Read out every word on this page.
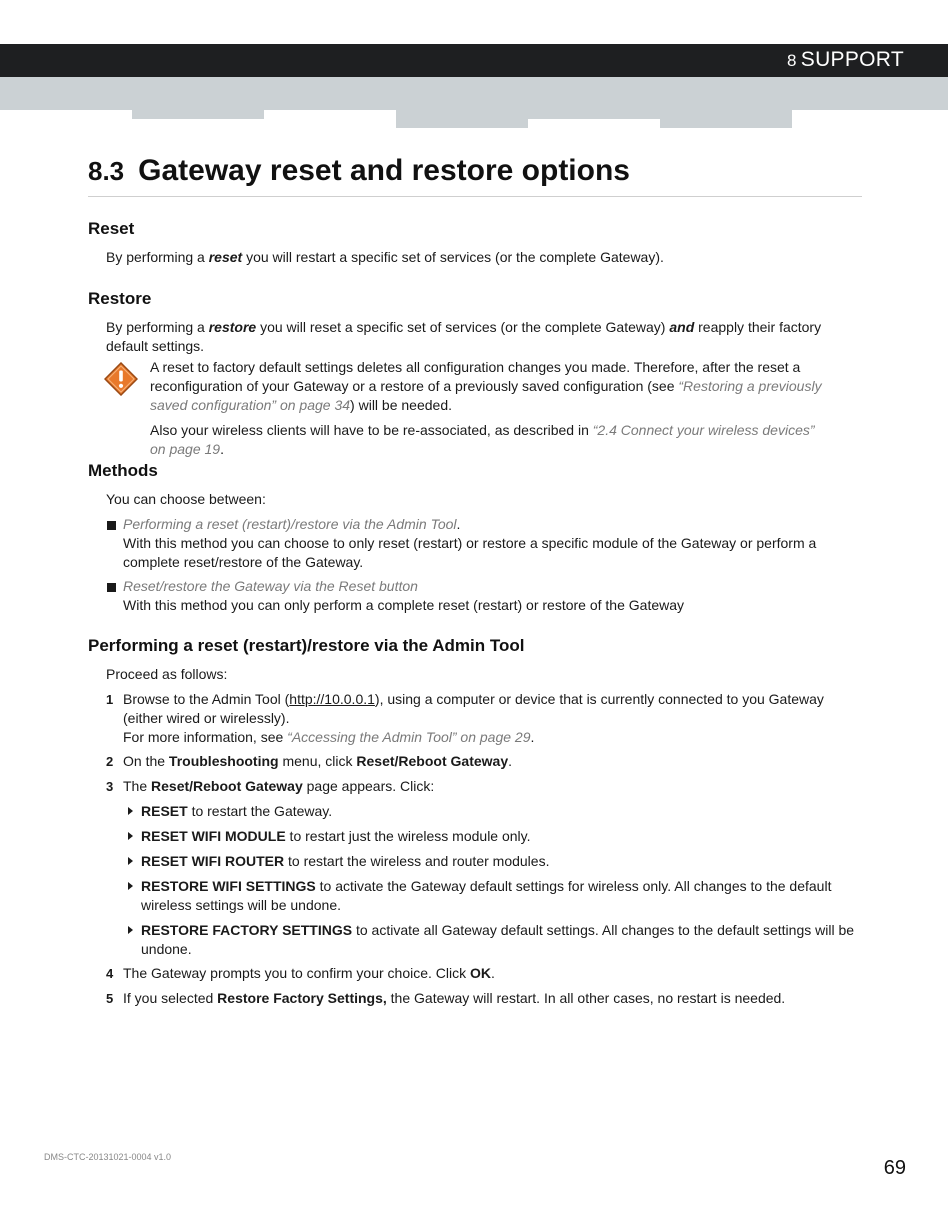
8 SUPPORT
8.3 Gateway reset and restore options
Reset
By performing a reset you will restart a specific set of services (or the complete Gateway).
Restore
By performing a restore you will reset a specific set of services (or the complete Gateway) and reapply their factory default settings.
A reset to factory default settings deletes all configuration changes you made. Therefore, after the reset a reconfiguration of your Gateway or a restore of a previously saved configuration (see “Restoring a previously saved configuration” on page 34) will be needed.
Also your wireless clients will have to be re-associated, as described in “2.4 Connect your wireless devices” on page 19.
Methods
You can choose between:
Performing a reset (restart)/restore via the Admin Tool.
With this method you can choose to only reset (restart) or restore a specific module of the Gateway or perform a complete reset/restore of the Gateway.
Reset/restore the Gateway via the Reset button
With this method you can only perform a complete reset (restart) or restore of the Gateway
Performing a reset (restart)/restore via the Admin Tool
Proceed as follows:
1 Browse to the Admin Tool (http://10.0.0.1), using a computer or device that is currently connected to you Gateway (either wired or wirelessly).
For more information, see “Accessing the Admin Tool” on page 29.
2 On the Troubleshooting menu, click Reset/Reboot Gateway.
3 The Reset/Reboot Gateway page appears. Click:
RESET to restart the Gateway.
RESET WIFI MODULE to restart just the wireless module only.
RESET WIFI ROUTER to restart the wireless and router modules.
RESTORE WIFI SETTINGS to activate the Gateway default settings for wireless only. All changes to the default wireless settings will be undone.
RESTORE FACTORY SETTINGS to activate all Gateway default settings. All changes to the default settings will be undone.
4 The Gateway prompts you to confirm your choice. Click OK.
5 If you selected Restore Factory Settings, the Gateway will restart. In all other cases, no restart is needed.
DMS-CTC-20131021-0004 v1.0	69
